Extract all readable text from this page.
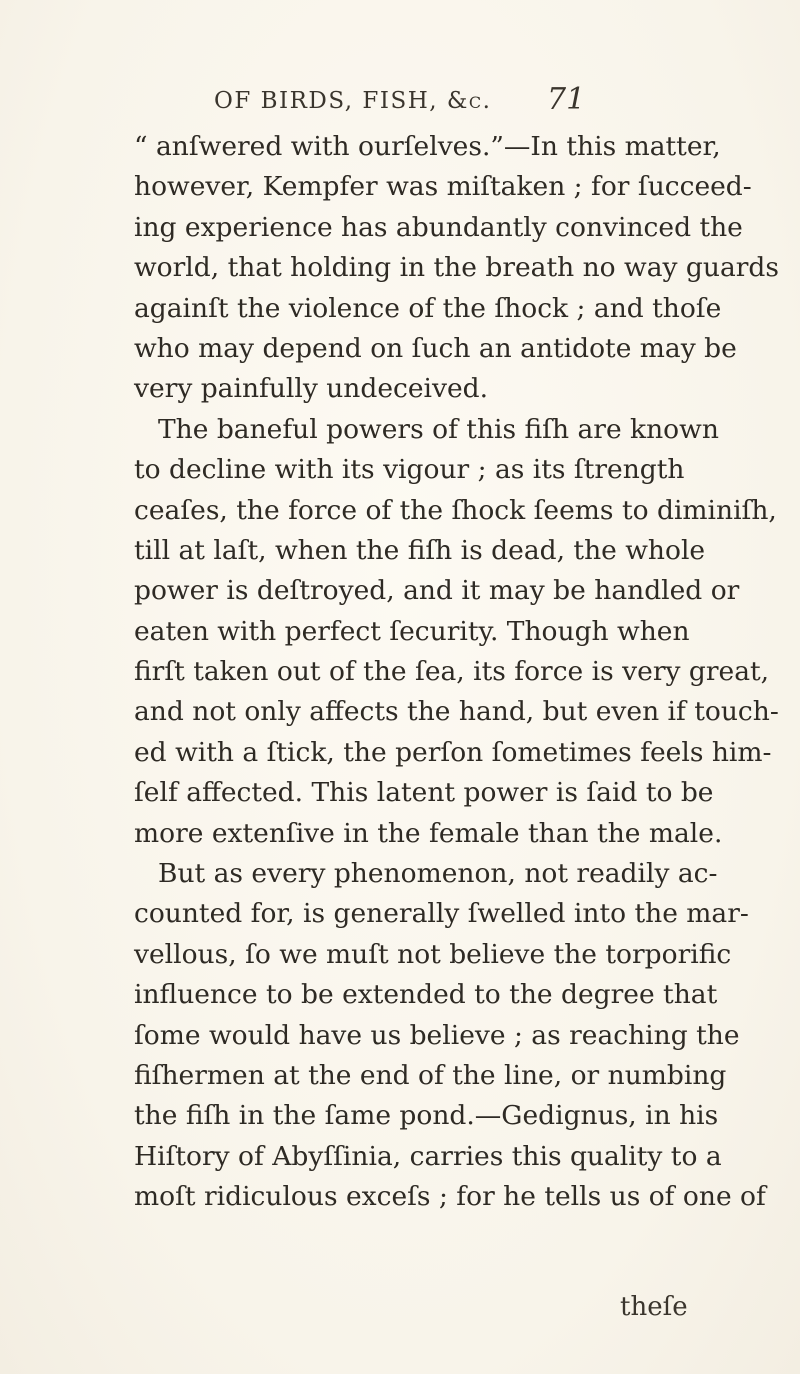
OF BIRDS, FISH, &c. 71
“ anſwered with ourſelves.”—In this matter,
however, Kempfer was miſtaken ; for ſucceed-
ing experience has abundantly convinced the
world, that holding in the breath no way guards
againſt the violence of the ſhock ; and thoſe
who may depend on ſuch an antidote may be
very painfully undeceived.
The baneful powers of this fiſh are known
to decline with its vigour ; as its ſtrength
ceaſes, the force of the ſhock ſeems to diminiſh,
till at laſt, when the fiſh is dead, the whole
power is deſtroyed, and it may be handled or
eaten with perfect ſecurity. Though when
firſt taken out of the ſea, its force is very great,
and not only affects the hand, but even if touch-
ed with a ſtick, the perſon ſometimes feels him-
ſelf affected. This latent power is ſaid to be
more extenſive in the female than the male.
But as every phenomenon, not readily ac-
counted for, is generally ſwelled into the mar-
vellous, ſo we muſt not believe the torporific
influence to be extended to the degree that
ſome would have us believe ; as reaching the
fiſhermen at the end of the line, or numbing
the fiſh in the ſame pond.—Gedignus, in his
Hiſtory of Abyſſinia, carries this quality to a
moſt ridiculous exceſs ; for he tells us of one of
theſe
